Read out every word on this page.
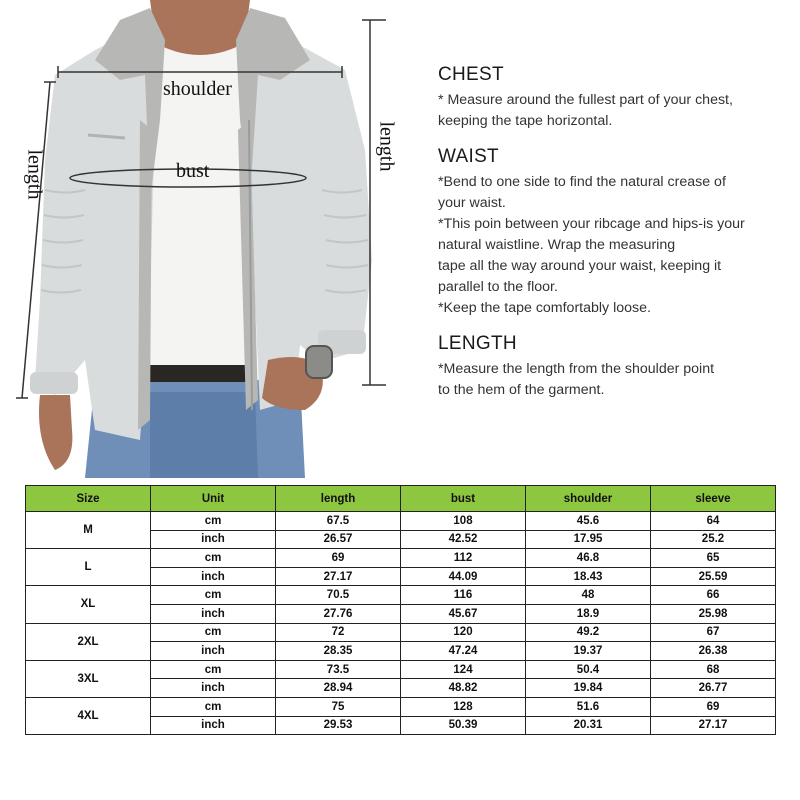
shoulder
bust
length
length
CHEST

* Measure around the fullest part of your chest,

keeping the tape horizontal.

WAIST

*Bend to one side to find the natural crease of

your waist.

*This poin between your ribcage and hips-is your

natural waistline. Wrap the measuring

tape all the way around your waist, keeping it

parallel to the floor.

*Keep the tape comfortably loose.

LENGTH

*Measure the length from the shoulder point

to the hem of the garment.

Size	Unit	length	bust	shoulder	sleeve
M	cm	67.5	108	45.6	64
	inch	26.57	42.52	17.95	25.2
L	cm	69	112	46.8	65
	inch	27.17	44.09	18.43	25.59
XL	cm	70.5	116	48	66
	inch	27.76	45.67	18.9	25.98
2XL	cm	72	120	49.2	67
	inch	28.35	47.24	19.37	26.38
3XL	cm	73.5	124	50.4	68
	inch	28.94	48.82	19.84	26.77
4XL	cm	75	128	51.6	69
	inch	29.53	50.39	20.31	27.17
